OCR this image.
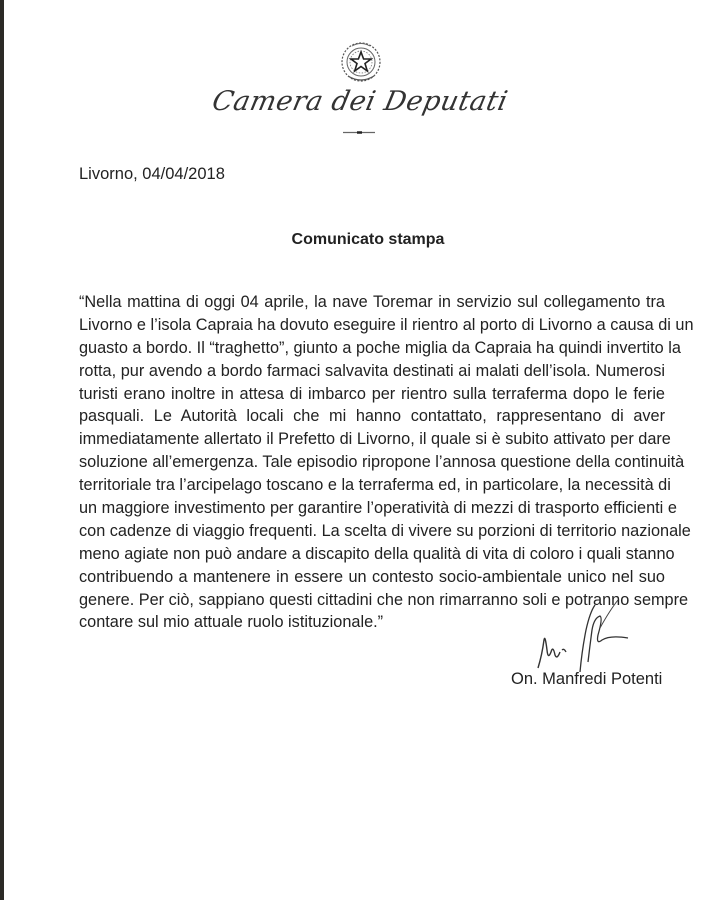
Camera dei Deputati
Livorno, 04/04/2018
Comunicato stampa
“Nella mattina di oggi 04 aprile, la nave Toremar in servizio sul collegamento tra
Livorno e l’isola Capraia ha dovuto eseguire il rientro al porto di Livorno a causa di un
guasto a bordo. Il “traghetto”, giunto a poche miglia da Capraia ha quindi invertito la
rotta, pur avendo a bordo farmaci salvavita destinati ai malati dell’isola. Numerosi
turisti erano inoltre in attesa di imbarco per rientro sulla terraferma dopo le ferie
pasquali. Le Autorità locali che mi hanno contattato, rappresentano di aver
immediatamente allertato il Prefetto di Livorno, il quale si è subito attivato per dare
soluzione all’emergenza. Tale episodio ripropone l’annosa questione della continuità
territoriale tra l’arcipelago toscano e la terraferma ed, in particolare, la necessità di
un maggiore investimento per garantire l’operatività di mezzi di trasporto efficienti e
con cadenze di viaggio frequenti. La scelta di vivere su porzioni di territorio nazionale
meno agiate non può andare a discapito della qualità di vita di coloro i quali stanno
contribuendo a mantenere in essere un contesto socio-ambientale unico nel suo
genere. Per ciò, sappiano questi cittadini che non rimarranno soli e potranno sempre
contare sul mio attuale ruolo istituzionale.”
On. Manfredi Potenti
